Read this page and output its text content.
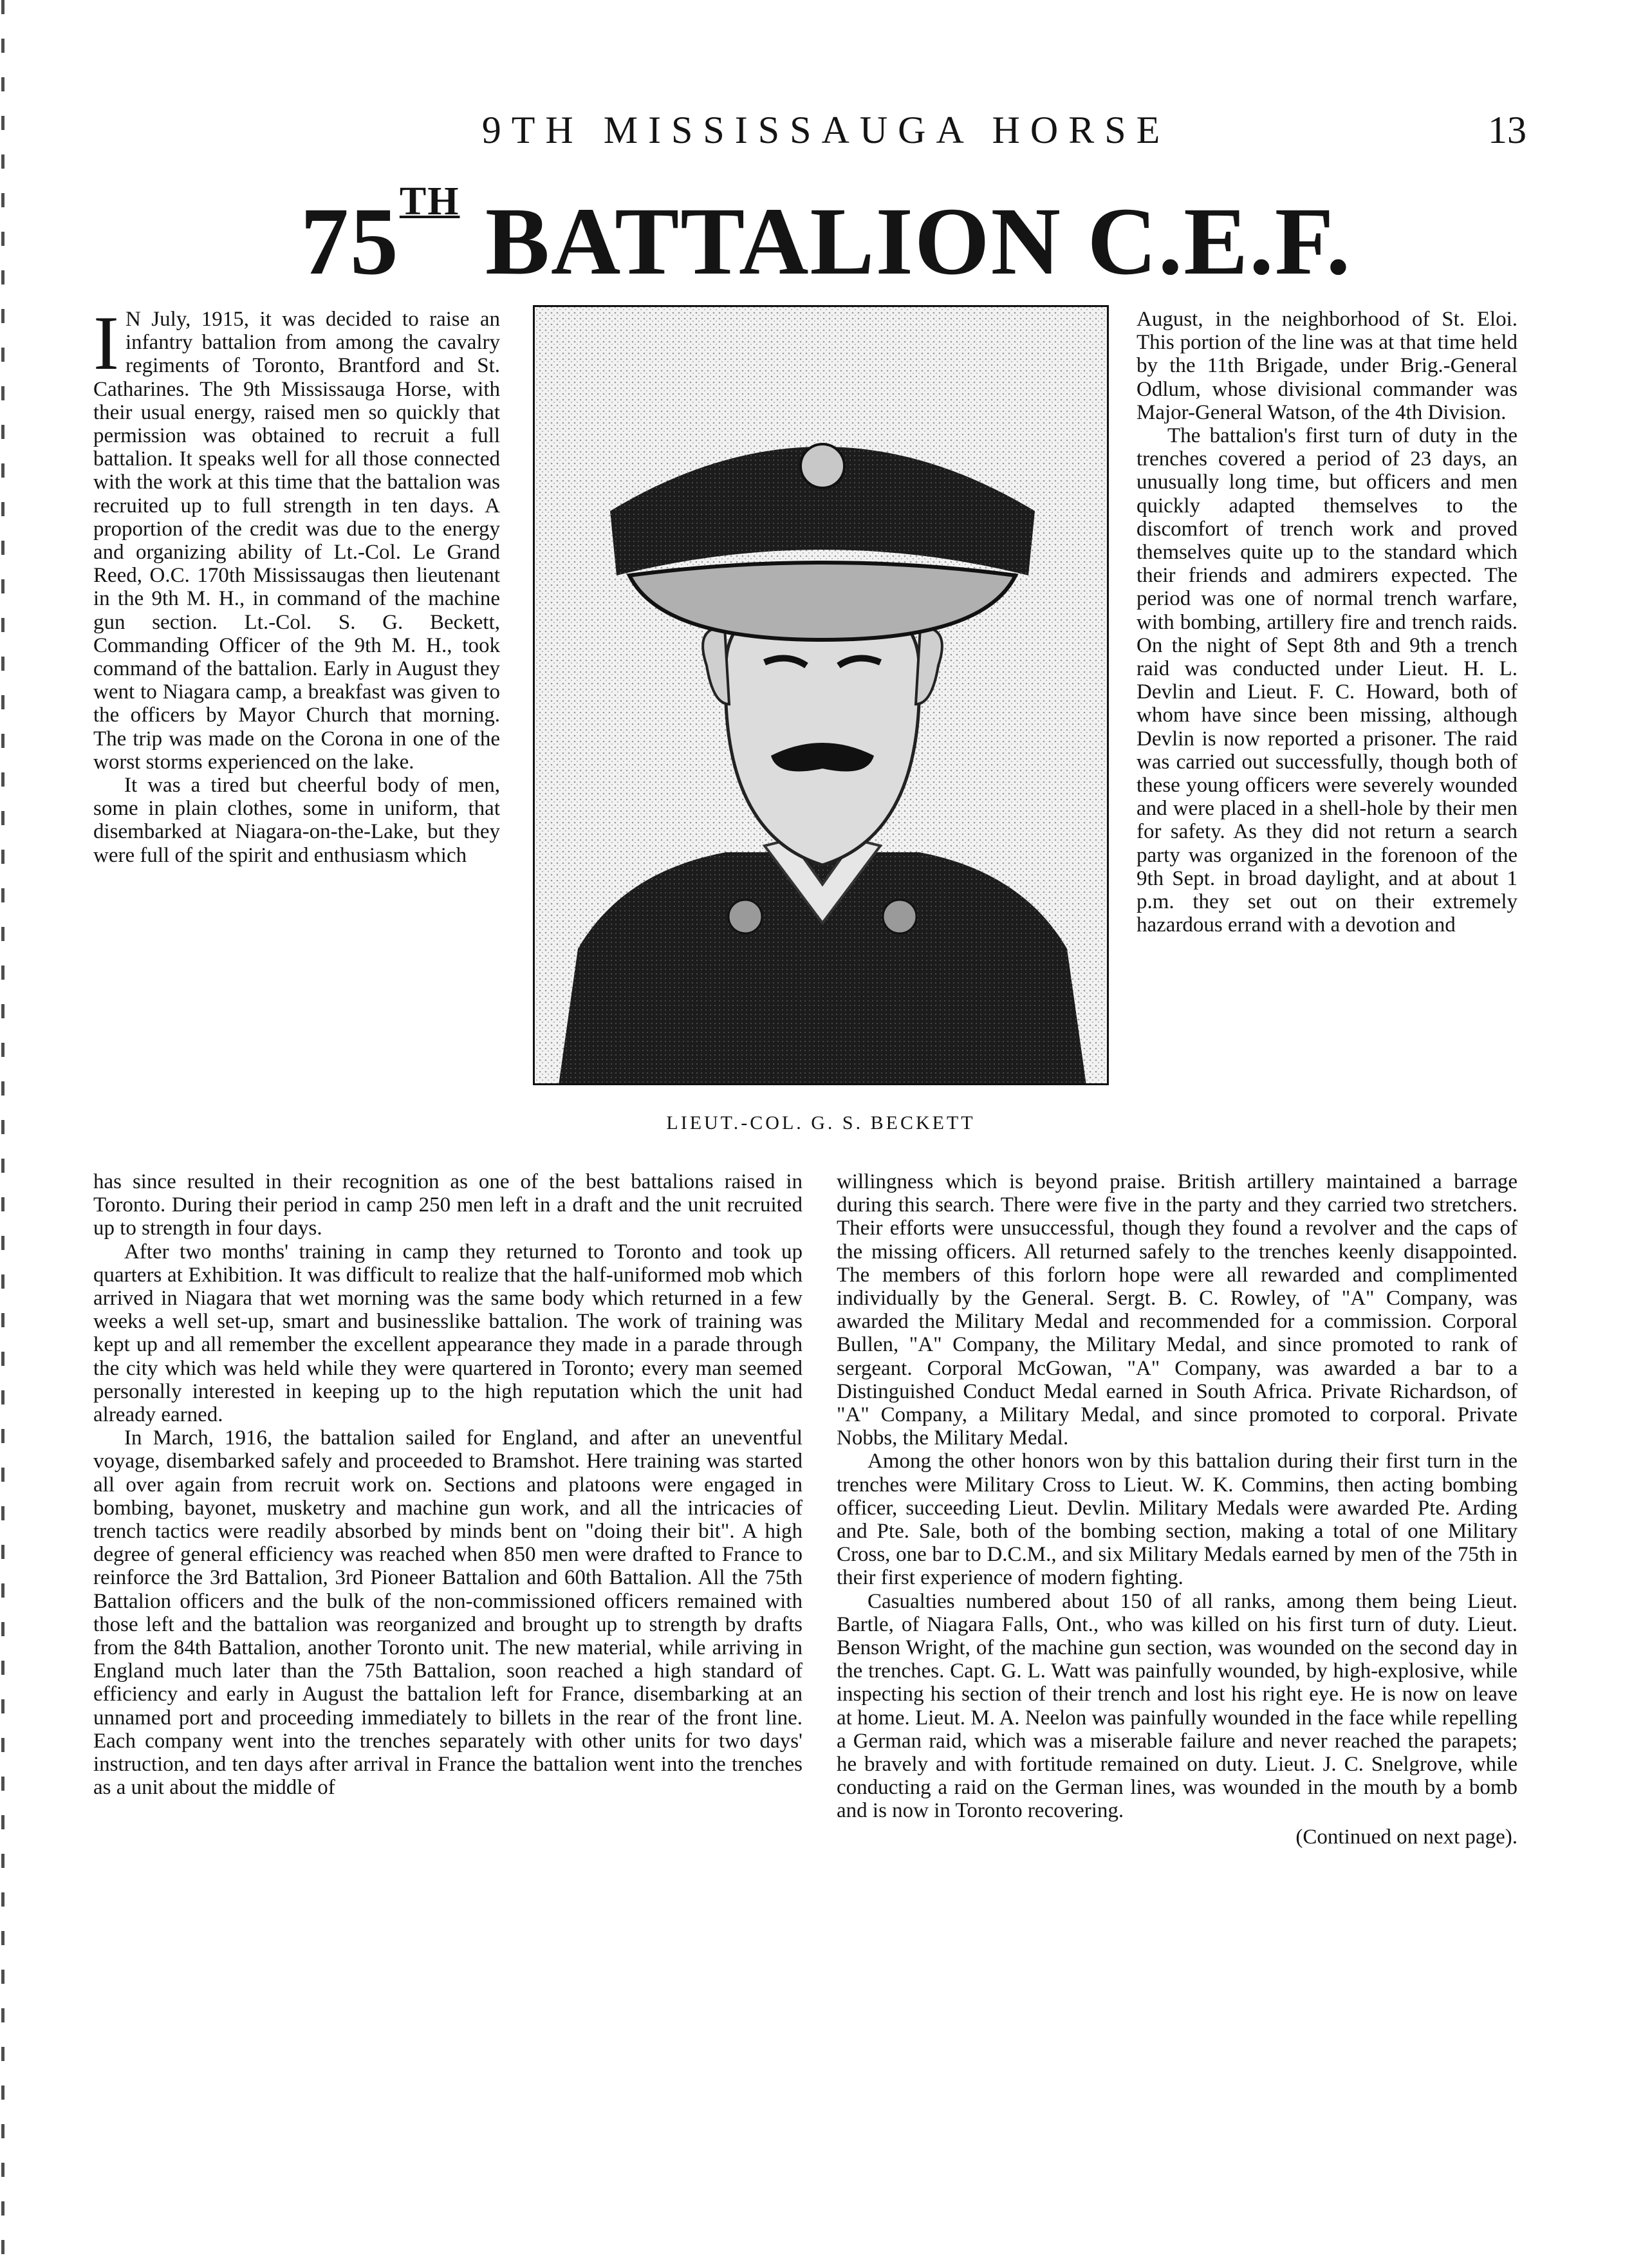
9TH MISSISSAUGA HORSE	13
75TH BATTALION C.E.F.

I N July, 1915, it was decided to raise an infantry battalion from among the cavalry regiments of Toronto, Brantford and St. Catharines. The 9th Mississauga Horse, with their usual energy, raised men so quickly that permission was obtained to recruit a full battalion. It speaks well for all those connected with the work at this time that the battalion was recruited up to full strength in ten days. A proportion of the credit was due to the energy and organizing ability of Lt.-Col. Le Grand Reed, O.C. 170th Mississaugas then lieutenant in the 9th M. H., in command of the machine gun section. Lt.-Col. S. G. Beckett, Commanding Officer of the 9th M. H., took command of the battalion. Early in August they went to Niagara camp, a breakfast was given to the officers by Mayor Church that morning. The trip was made on the Corona in one of the worst storms experienced on the lake.

It was a tired but cheerful body of men, some in plain clothes, some in uniform, that disembarked at Niagara-on-the-Lake, but they were full of the spirit and enthusiasm which

LIEUT.-COL. G. S. BECKETT

August, in the neighborhood of St. Eloi. This portion of the line was at that time held by the 11th Brigade, under Brig.-General Odlum, whose divisional commander was Major-General Watson, of the 4th Division.

The battalion's first turn of duty in the trenches covered a period of 23 days, an unusually long time, but officers and men quickly adapted themselves to the discomfort of trench work and proved themselves quite up to the standard which their friends and admirers expected. The period was one of normal trench warfare, with bombing, artillery fire and trench raids. On the night of Sept 8th and 9th a trench raid was conducted under Lieut. H. L. Devlin and Lieut. F. C. Howard, both of whom have since been missing, although Devlin is now reported a prisoner. The raid was carried out successfully, though both of these young officers were severely wounded and were placed in a shell-hole by their men for safety. As they did not return a search party was organized in the forenoon of the 9th Sept. in broad daylight, and at about 1 p.m. they set out on their extremely hazardous errand with a devotion and

has since resulted in their recognition as one of the best battalions raised in Toronto. During their period in camp 250 men left in a draft and the unit recruited up to strength in four days.

After two months' training in camp they returned to Toronto and took up quarters at Exhibition. It was difficult to realize that the half-uniformed mob which arrived in Niagara that wet morning was the same body which returned in a few weeks a well set-up, smart and businesslike battalion. The work of training was kept up and all remember the excellent appearance they made in a parade through the city which was held while they were quartered in Toronto; every man seemed personally interested in keeping up to the high reputation which the unit had already earned.

In March, 1916, the battalion sailed for England, and after an uneventful voyage, disembarked safely and proceeded to Bramshot. Here training was started all over again from recruit work on. Sections and platoons were engaged in bombing, bayonet, musketry and machine gun work, and all the intricacies of trench tactics were readily absorbed by minds bent on "doing their bit". A high degree of general efficiency was reached when 850 men were drafted to France to reinforce the 3rd Battalion, 3rd Pioneer Battalion and 60th Battalion. All the 75th Battalion officers and the bulk of the non-commissioned officers remained with those left and the battalion was reorganized and brought up to strength by drafts from the 84th Battalion, another Toronto unit. The new material, while arriving in England much later than the 75th Battalion, soon reached a high standard of efficiency and early in August the battalion left for France, disembarking at an unnamed port and proceeding immediately to billets in the rear of the front line. Each company went into the trenches separately with other units for two days' instruction, and ten days after arrival in France the battalion went into the trenches as a unit about the middle of

willingness which is beyond praise. British artillery maintained a barrage during this search. There were five in the party and they carried two stretchers. Their efforts were unsuccessful, though they found a revolver and the caps of the missing officers. All returned safely to the trenches keenly disappointed. The members of this forlorn hope were all rewarded and complimented individually by the General. Sergt. B. C. Rowley, of "A" Company, was awarded the Military Medal and recommended for a commission. Corporal Bullen, "A" Company, the Military Medal, and since promoted to rank of sergeant. Corporal McGowan, "A" Company, was awarded a bar to a Distinguished Conduct Medal earned in South Africa. Private Richardson, of "A" Company, a Military Medal, and since promoted to corporal. Private Nobbs, the Military Medal.

Among the other honors won by this battalion during their first turn in the trenches were Military Cross to Lieut. W. K. Commins, then acting bombing officer, succeeding Lieut. Devlin. Military Medals were awarded Pte. Arding and Pte. Sale, both of the bombing section, making a total of one Military Cross, one bar to D.C.M., and six Military Medals earned by men of the 75th in their first experience of modern fighting.

Casualties numbered about 150 of all ranks, among them being Lieut. Bartle, of Niagara Falls, Ont., who was killed on his first turn of duty. Lieut. Benson Wright, of the machine gun section, was wounded on the second day in the trenches. Capt. G. L. Watt was painfully wounded, by high-explosive, while inspecting his section of their trench and lost his right eye. He is now on leave at home. Lieut. M. A. Neelon was painfully wounded in the face while repelling a German raid, which was a miserable failure and never reached the parapets; he bravely and with fortitude remained on duty. Lieut. J. C. Snelgrove, while conducting a raid on the German lines, was wounded in the mouth by a bomb and is now in Toronto recovering.

(Continued on next page).
